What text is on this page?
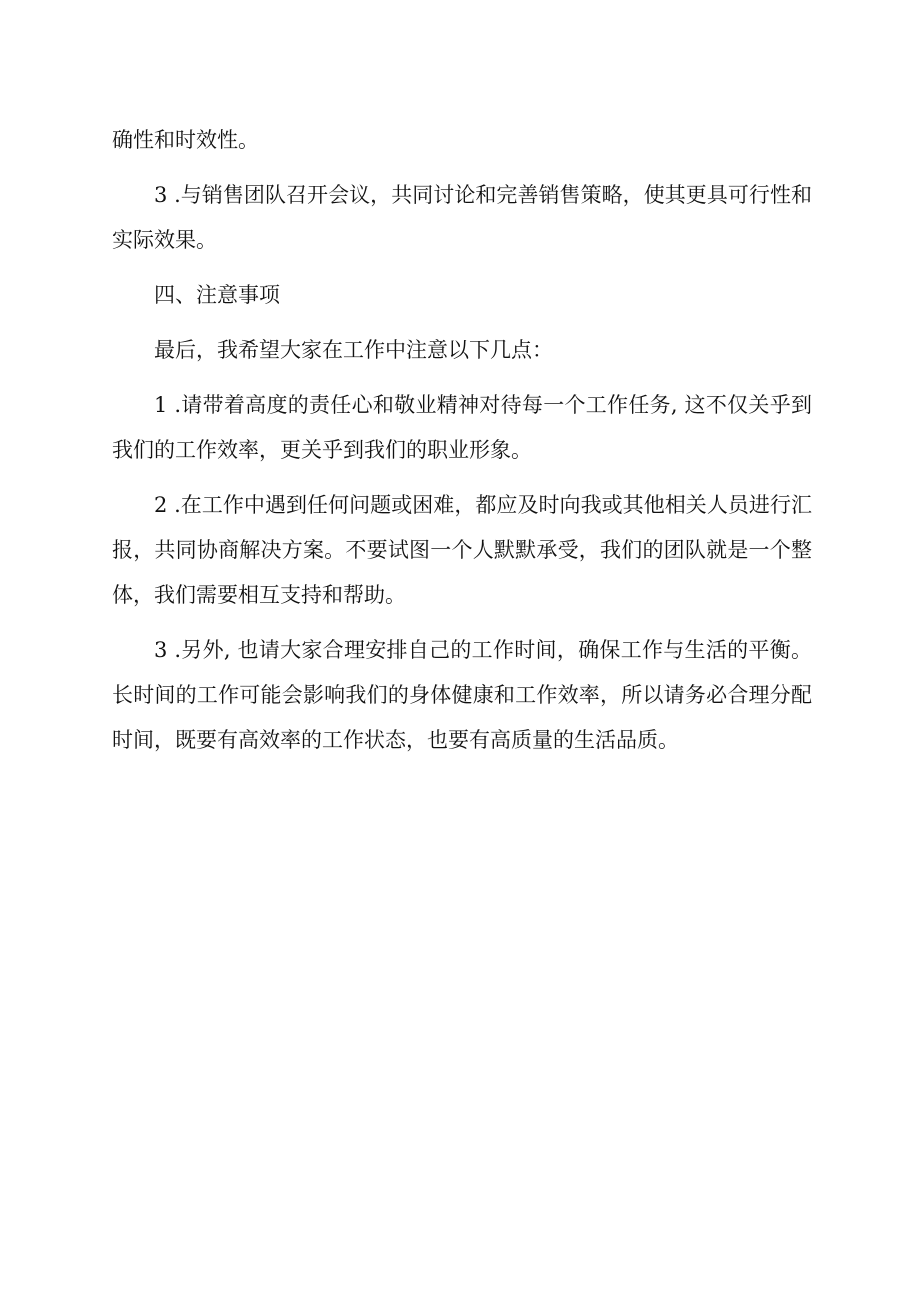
确性和时效性。

3 .与销售团队召开会议，共同讨论和完善销售策略，使其更具可行性和实际效果。

四、注意事项

最后，我希望大家在工作中注意以下几点：

1 .请带着高度的责任心和敬业精神对待每一个工作任务, 这不仅关乎到我们的工作效率，更关乎到我们的职业形象。

2 .在工作中遇到任何问题或困难，都应及时向我或其他相关人员进行汇报，共同协商解决方案。不要试图一个人默默承受，我们的团队就是一个整体，我们需要相互支持和帮助。

3 .另外, 也请大家合理安排自己的工作时间，确保工作与生活的平衡。长时间的工作可能会影响我们的身体健康和工作效率，所以请务必合理分配时间，既要有高效率的工作状态，也要有高质量的生活品质。
